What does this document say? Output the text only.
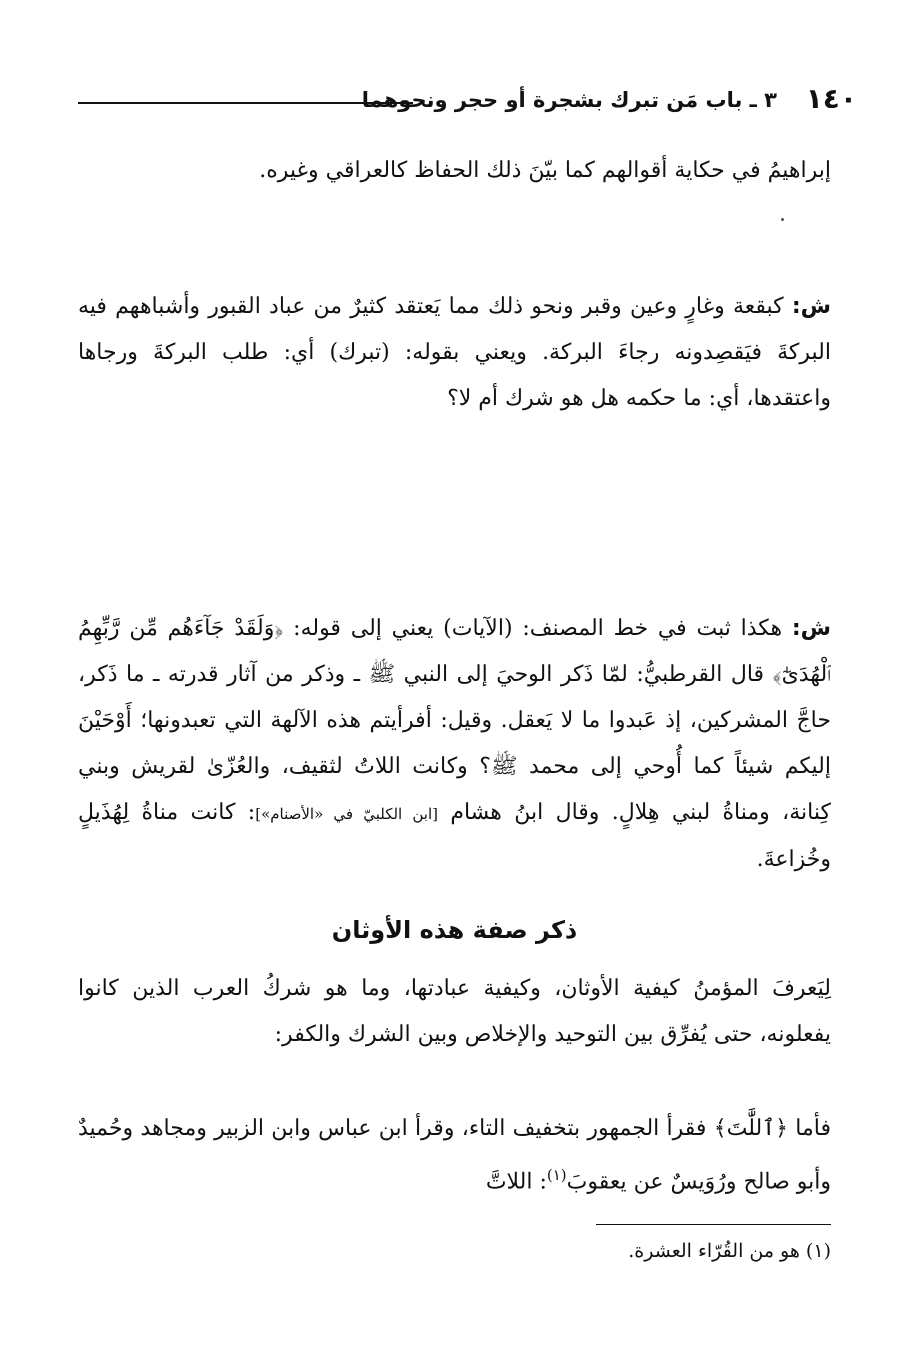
١٤٠
٣ ـ باب مَن تبرك بشجرة أو حجر ونحوهما

إبراهيمُ في حكاية أقوالهم كما بيّنَ ذلك الحفاظ كالعراقي وغيره.

ش: كبقعة وغارٍ وعين وقبر ونحو ذلك مما يَعتقد كثيرٌ من عباد القبور وأشباههم فيه البركةَ فيَقصِدونه رجاءَ البركة. ويعني بقوله: (تبرك) أي: طلب البركةَ ورجاها واعتقدها، أي: ما حكمه هل هو شرك أم لا؟

ش: هكذا ثبت في خط المصنف: (الآيات) يعني إلى قوله: ﴿وَلَقَدْ جَآءَهُم مِّن رَّبِّهِمُ ٱلْهُدَىٰٓ﴾ قال القرطبيُّ: لمّا ذَكر الوحيَ إلى النبي ﷺ ـ وذكر من آثار قدرته ـ ما ذَكر، حاجَّ المشركين، إذ عَبدوا ما لا يَعقل. وقيل: أفرأيتم هذه الآلهة التي تعبدونها؛ أَوْحَيْنَ إليكم شيئاً كما أُوحي إلى محمد ﷺ؟ وكانت اللاتُ لثقيف، والعُزّىٰ لقريش وبني كِنانة، ومناةُ لبني هِلالٍ. وقال ابنُ هشام [ابن الكلبيّ في «الأصنام»]: كانت مناةُ لِهُذَيلٍ وخُزاعةَ.

ذكر صفة هذه الأوثان

لِيَعرفَ المؤمنُ كيفية الأوثان، وكيفية عبادتها، وما هو شركُ العرب الذين كانوا يفعلونه، حتى يُفرِّق بين التوحيد والإخلاص وبين الشرك والكفر:

فأما ﴿ٱللَّٰتَ﴾ فقرأ الجمهور بتخفيف التاء، وقرأ ابن عباس وابن الزبير ومجاهد وحُميدٌ وأبو صالح ورُوَيسٌ عن يعقوبَ$^{(١)}$: اللاتَّ

(١) هو من القُرّاء العشرة.
